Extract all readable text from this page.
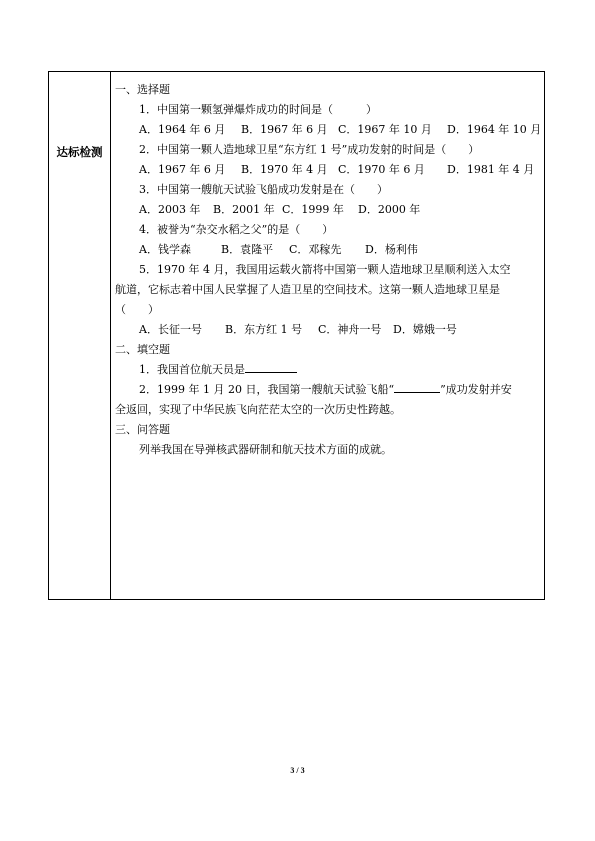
达标检测
一、选择题
1．中国第一颗氢弹爆炸成功的时间是（　　　）
A．1964 年 6 月 B．1967 年 6 月 C．1967 年 10 月 D．1964 年 10 月
2．中国第一颗人造地球卫星“东方红 1 号”成功发射的时间是（　　）
A．1967 年 6 月 B．1970 年 4 月 C．1970 年 6 月 D．1981 年 4 月
3．中国第一艘航天试验飞船成功发射是在（　　）
A．2003 年 B．2001 年 C．1999 年 D．2000 年
4．被誉为“杂交水稻之父”的是（　　）
A．钱学森	B．袁隆平 C．邓稼先 D．杨利伟
5．1970 年 4 月，我国用运载火箭将中国第一颗人造地球卫星顺利送入太空
航道，它标志着中国人民掌握了人造卫星的空间技术。这第一颗人造地球卫星是
（　　）
A．长征一号 B．东方红 1 号 C．神舟一号 D．嫦娥一号
二、填空题
1．我国首位航天员是
2．1999 年 1 月 20 日，我国第一艘航天试验飞船“	”成功发射并安
全返回，实现了中华民族飞向茫茫太空的一次历史性跨越。
三、问答题
列举我国在导弹核武器研制和航天技术方面的成就。
3 / 3
